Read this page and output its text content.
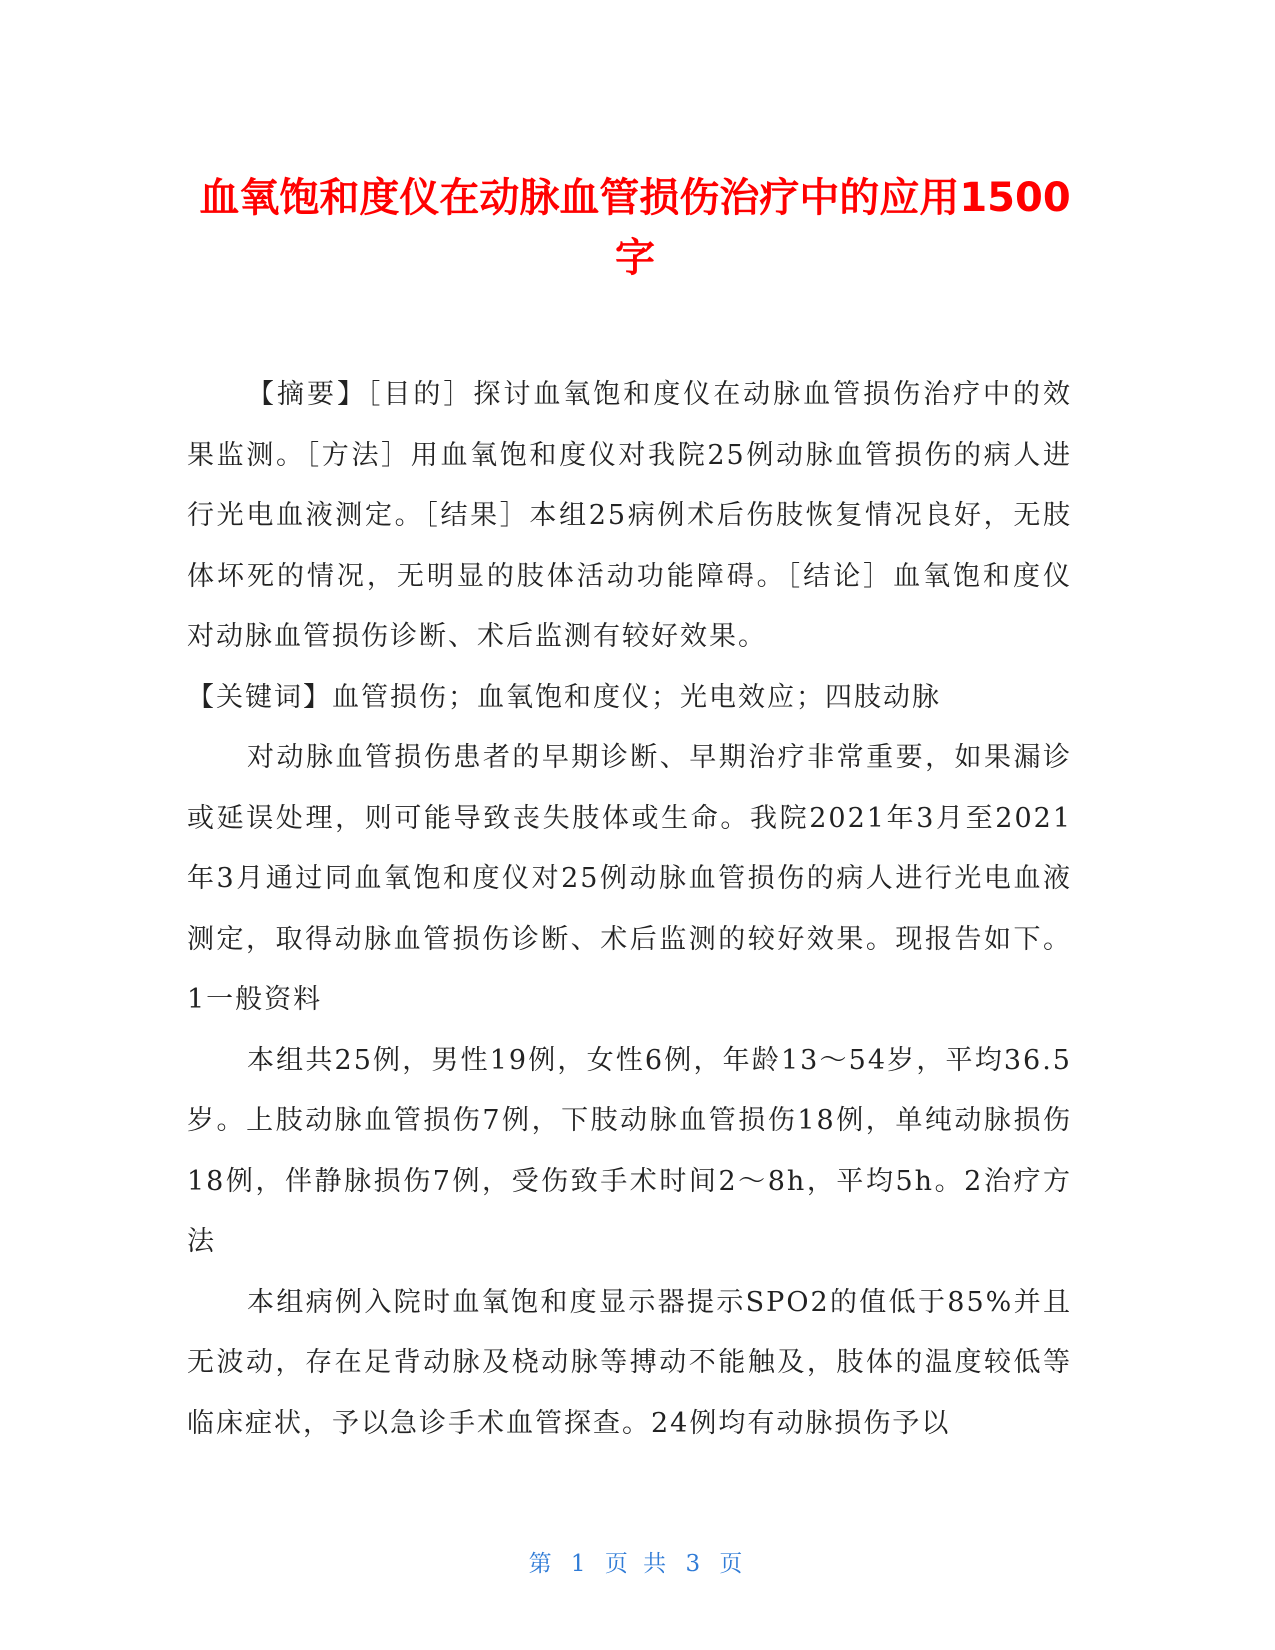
血氧饱和度仪在动脉血管损伤治疗中的应用1500字

【摘要】［目的］探讨血氧饱和度仪在动脉血管损伤治疗中的效果监测。［方法］用血氧饱和度仪对我院25例动脉血管损伤的病人进行光电血液测定。［结果］本组25病例术后伤肢恢复情况良好，无肢体坏死的情况，无明显的肢体活动功能障碍。［结论］血氧饱和度仪对动脉血管损伤诊断、术后监测有较好效果。

【关键词】血管损伤；血氧饱和度仪；光电效应；四肢动脉

对动脉血管损伤患者的早期诊断、早期治疗非常重要，如果漏诊或延误处理，则可能导致丧失肢体或生命。我院2021年3月至2021年3月通过同血氧饱和度仪对25例动脉血管损伤的病人进行光电血液测定，取得动脉血管损伤诊断、术后监测的较好效果。现报告如下。1一般资料

本组共25例，男性19例，女性6例，年龄13～54岁，平均36.5岁。上肢动脉血管损伤7例，下肢动脉血管损伤18例，单纯动脉损伤18例，伴静脉损伤7例，受伤致手术时间2～8h，平均5h。2治疗方法

本组病例入院时血氧饱和度显示器提示SPO2的值低于85%并且无波动，存在足背动脉及桡动脉等搏动不能触及，肢体的温度较低等临床症状，予以急诊手术血管探查。24例均有动脉损伤予以

第 1 页 共 3 页
